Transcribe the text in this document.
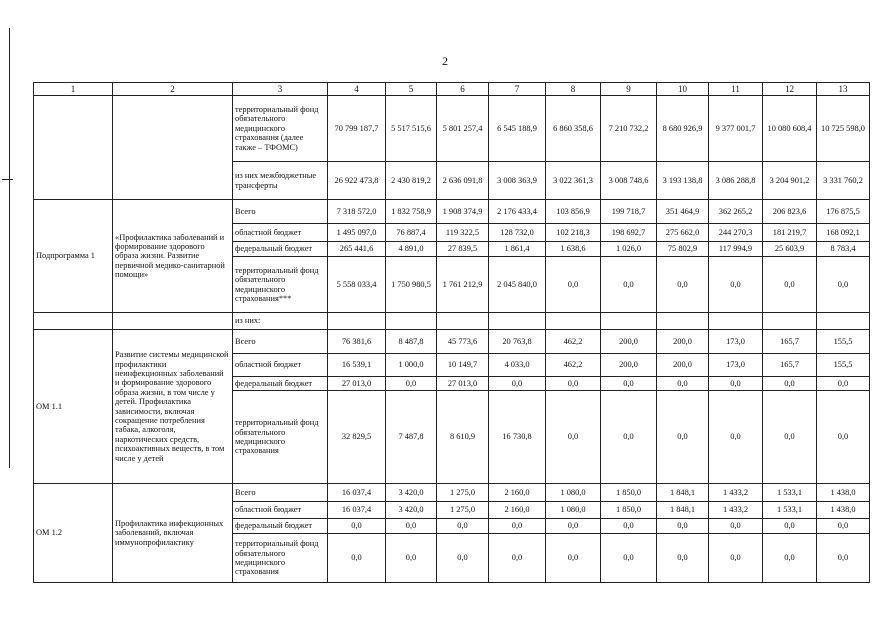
2
1	2	3	4	5	6	7	8	9	10	11	12	13
		территориальный фонд обязательного медицинского страхования (далее также – ТФОМС)	70 799 187,7	5 517 515,6	5 801 257,4	6 545 188,9	6 860 358,6	7 210 732,2	8 680 926,9	9 377 001,7	10 080 608,4	10 725 598,0
		из них межбюджетные трансферты	26 922 473,8	2 430 819,2	2 636 091,8	3 008 363,9	3 022 361,3	3 008 748,6	3 193 138,8	3 086 288,8	3 204 901,2	3 331 760,2
Подпрограмма 1	«Профилактика заболеваний и формирование здорового образа жизни. Развитие первичной медико-санитарной помощи»	Всего	7 318 572,0	1 832 758,9	1 908 374,9	2 176 433,4	103 856,9	199 718,7	351 464,9	362 265,2	206 823,6	176 875,5
		областной бюджет	1 495 097,0	76 887,4	119 322,5	128 732,0	102 218,3	198 692,7	275 662,0	244 270,3	181 219,7	168 092,1
		федеральный бюджет	265 441,6	4 891,0	27 839,5	1 861,4	1 638,6	1 026,0	75 802,9	117 994,9	25 603,9	8 783,4
		территориальный фонд обязательного медицинского страхования***	5 558 033,4	1 750 980,5	1 761 212,9	2 045 840,0	0,0	0,0	0,0	0,0	0,0	0,0
		из них:										
ОМ 1.1	Развитие системы медицинской профилактики неинфекционных заболеваний и формирование здорового образа жизни, в том числе у детей. Профилактика зависимости, включая сокращение потребления табака, алкоголя, наркотических средств, психоактивных веществ, в том числе у детей	Всего	76 381,6	8 487,8	45 773,6	20 763,8	462,2	200,0	200,0	173,0	165,7	155,5
		областной бюджет	16 539,1	1 000,0	10 149,7	4 033,0	462,2	200,0	200,0	173,0	165,7	155,5
		федеральный бюджет	27 013,0	0,0	27 013,0	0,0	0,0	0,0	0,0	0,0	0,0	0,0
		территориальный фонд обязательного медицинского страхования	32 829,5	7 487,8	8 610,9	16 730,8	0,0	0,0	0,0	0,0	0,0	0,0
ОМ 1.2	Профилактика инфекционных заболеваний, включая иммунопрофилактику	Всего	16 037,4	3 420,0	1 275,0	2 160,0	1 080,0	1 850,0	1 848,1	1 433,2	1 533,1	1 438,0
		областной бюджет	16 037,4	3 420,0	1 275,0	2 160,0	1 080,0	1 850,0	1 848,1	1 433,2	1 533,1	1 438,0
		федеральный бюджет	0,0	0,0	0,0	0,0	0,0	0,0	0,0	0,0	0,0	0,0
		территориальный фонд обязательного медицинского страхования	0,0	0,0	0,0	0,0	0,0	0,0	0,0	0,0	0,0	0,0
